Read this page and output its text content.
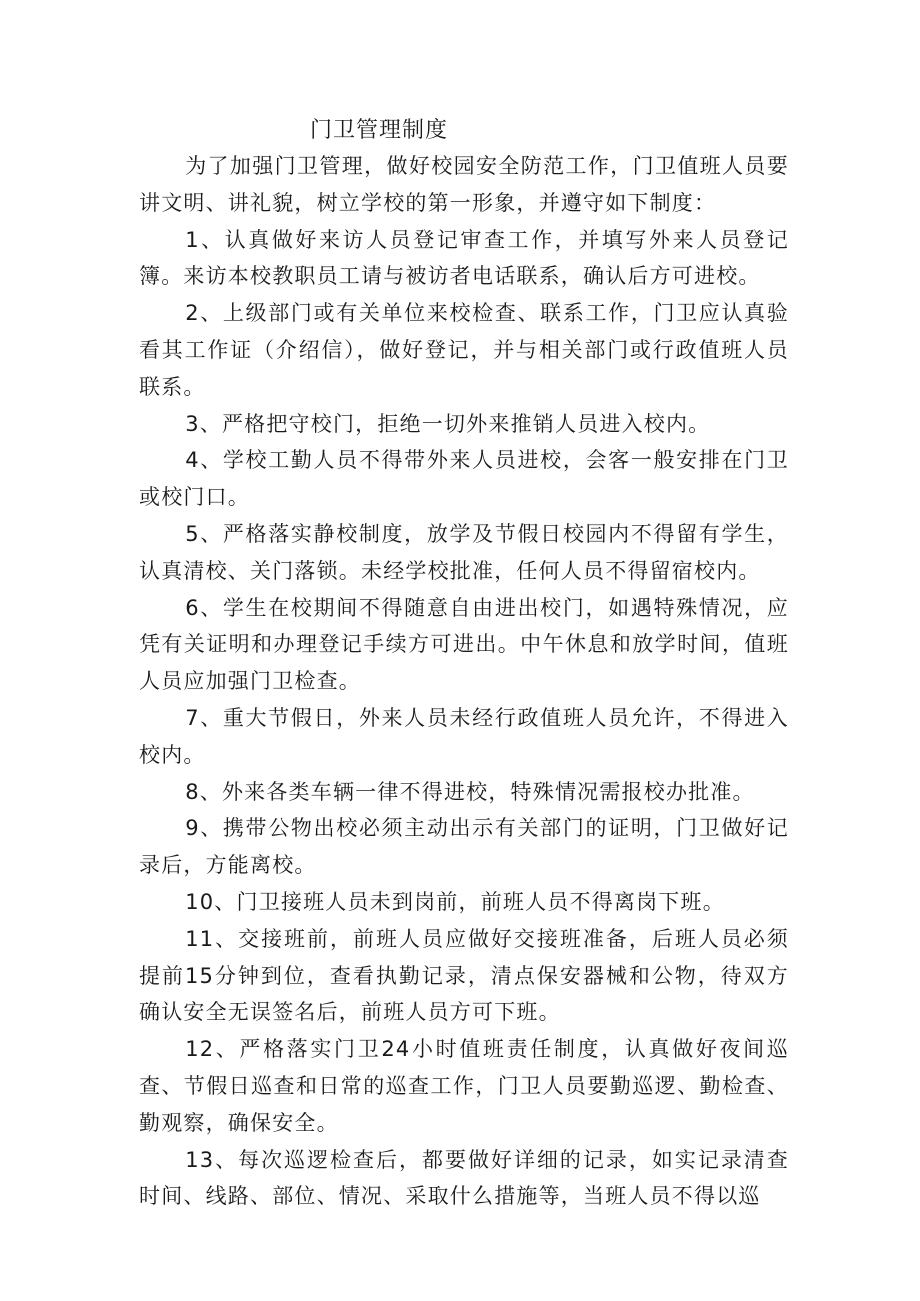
门卫管理制度

为了加强门卫管理，做好校园安全防范工作，门卫值班人员要讲文明、讲礼貌，树立学校的第一形象，并遵守如下制度：

1、认真做好来访人员登记审查工作，并填写外来人员登记簿。来访本校教职员工请与被访者电话联系，确认后方可进校。

2、上级部门或有关单位来校检查、联系工作，门卫应认真验看其工作证（介绍信），做好登记，并与相关部门或行政值班人员联系。

3、严格把守校门，拒绝一切外来推销人员进入校内。

4、学校工勤人员不得带外来人员进校，会客一般安排在门卫或校门口。

5、严格落实静校制度，放学及节假日校园内不得留有学生，认真清校、关门落锁。未经学校批准，任何人员不得留宿校内。

6、学生在校期间不得随意自由进出校门，如遇特殊情况，应凭有关证明和办理登记手续方可进出。中午休息和放学时间，值班人员应加强门卫检查。

7、重大节假日，外来人员未经行政值班人员允许，不得进入校内。

8、外来各类车辆一律不得进校，特殊情况需报校办批准。

9、携带公物出校必须主动出示有关部门的证明，门卫做好记录后，方能离校。

10、门卫接班人员未到岗前，前班人员不得离岗下班。

11、交接班前，前班人员应做好交接班准备，后班人员必须提前15分钟到位，查看执勤记录，清点保安器械和公物，待双方确认安全无误签名后，前班人员方可下班。

12、严格落实门卫24小时值班责任制度，认真做好夜间巡查、节假日巡查和日常的巡查工作，门卫人员要勤巡逻、勤检查、勤观察，确保安全。

13、每次巡逻检查后，都要做好详细的记录，如实记录清查时间、线路、部位、情况、采取什么措施等，当班人员不得以巡
